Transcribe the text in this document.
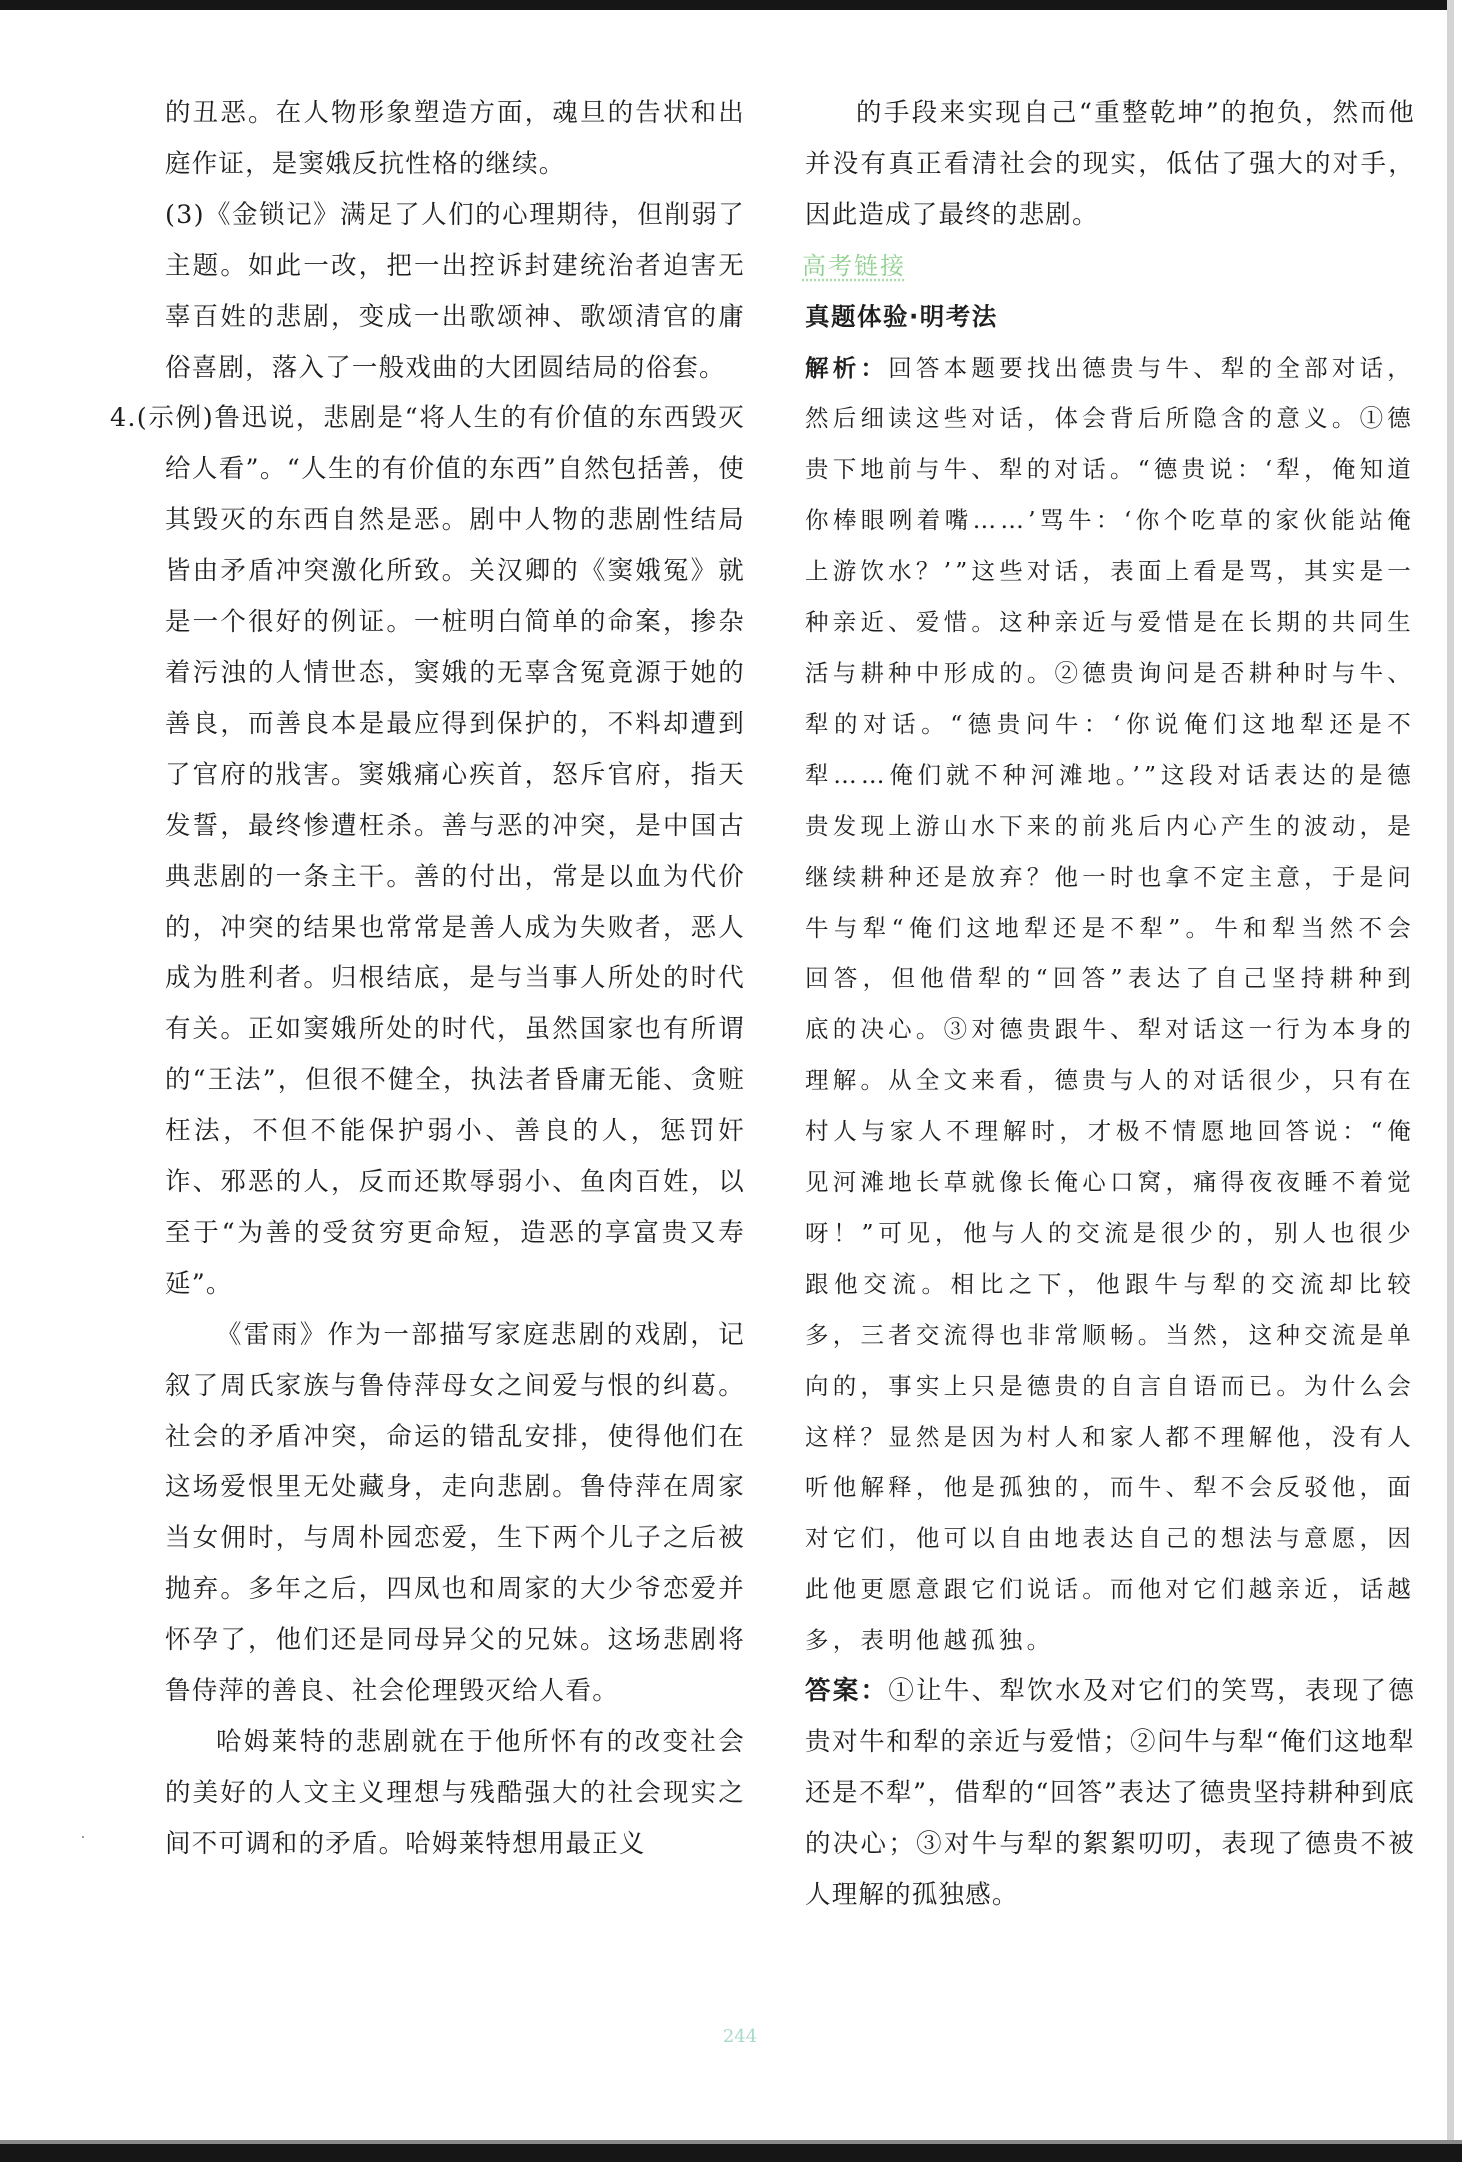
的丑恶。在人物形象塑造方面，魂旦的告状和出庭作证，是窦娥反抗性格的继续。

(3)《金锁记》满足了人们的心理期待，但削弱了主题。如此一改，把一出控诉封建统治者迫害无辜百姓的悲剧，变成一出歌颂神、歌颂清官的庸俗喜剧，落入了一般戏曲的大团圆结局的俗套。

4.(示例)鲁迅说，悲剧是“将人生的有价值的东西毁灭给人看”。“人生的有价值的东西”自然包括善，使其毁灭的东西自然是恶。剧中人物的悲剧性结局皆由矛盾冲突激化所致。关汉卿的《窦娥冤》就是一个很好的例证。一桩明白简单的命案，掺杂着污浊的人情世态，窦娥的无辜含冤竟源于她的善良，而善良本是最应得到保护的，不料却遭到了官府的戕害。窦娥痛心疾首，怒斥官府，指天发誓，最终惨遭枉杀。善与恶的冲突，是中国古典悲剧的一条主干。善的付出，常是以血为代价的，冲突的结果也常常是善人成为失败者，恶人成为胜利者。归根结底，是与当事人所处的时代有关。正如窦娥所处的时代，虽然国家也有所谓的“王法”，但很不健全，执法者昏庸无能、贪赃枉法，不但不能保护弱小、善良的人，惩罚奸诈、邪恶的人，反而还欺辱弱小、鱼肉百姓，以至于“为善的受贫穷更命短，造恶的享富贵又寿延”。

《雷雨》作为一部描写家庭悲剧的戏剧，记叙了周氏家族与鲁侍萍母女之间爱与恨的纠葛。社会的矛盾冲突，命运的错乱安排，使得他们在这场爱恨里无处藏身，走向悲剧。鲁侍萍在周家当女佣时，与周朴园恋爱，生下两个儿子之后被抛弃。多年之后，四凤也和周家的大少爷恋爱并怀孕了，他们还是同母异父的兄妹。这场悲剧将鲁侍萍的善良、社会伦理毁灭给人看。

哈姆莱特的悲剧就在于他所怀有的改变社会的美好的人文主义理想与残酷强大的社会现实之间不可调和的矛盾。哈姆莱特想用最正义

的手段来实现自己“重整乾坤”的抱负，然而他并没有真正看清社会的现实，低估了强大的对手，因此造成了最终的悲剧。

高考链接

真题体验·明考法

解析：回答本题要找出德贵与牛、犁的全部对话，然后细读这些对话，体会背后所隐含的意义。①德贵下地前与牛、犁的对话。“德贵说：‘犁，俺知道你棒眼咧着嘴……’骂牛：‘你个吃草的家伙能站俺上游饮水？’”这些对话，表面上看是骂，其实是一种亲近、爱惜。这种亲近与爱惜是在长期的共同生活与耕种中形成的。②德贵询问是否耕种时与牛、犁的对话。“德贵问牛：‘你说俺们这地犁还是不犁……俺们就不种河滩地。’”这段对话表达的是德贵发现上游山水下来的前兆后内心产生的波动，是继续耕种还是放弃？他一时也拿不定主意，于是问牛与犁“俺们这地犁还是不犁”。牛和犁当然不会回答，但他借犁的“回答”表达了自己坚持耕种到底的决心。③对德贵跟牛、犁对话这一行为本身的理解。从全文来看，德贵与人的对话很少，只有在村人与家人不理解时，才极不情愿地回答说：“俺见河滩地长草就像长俺心口窝，痛得夜夜睡不着觉呀！”可见，他与人的交流是很少的，别人也很少跟他交流。相比之下，他跟牛与犁的交流却比较多，三者交流得也非常顺畅。当然，这种交流是单向的，事实上只是德贵的自言自语而已。为什么会这样？显然是因为村人和家人都不理解他，没有人听他解释，他是孤独的，而牛、犁不会反驳他，面对它们，他可以自由地表达自己的想法与意愿，因此他更愿意跟它们说话。而他对它们越亲近，话越多，表明他越孤独。

答案：①让牛、犁饮水及对它们的笑骂，表现了德贵对牛和犁的亲近与爱惜；②问牛与犁“俺们这地犁还是不犁”，借犁的“回答”表达了德贵坚持耕种到底的决心；③对牛与犁的絮絮叨叨，表现了德贵不被人理解的孤独感。

244
